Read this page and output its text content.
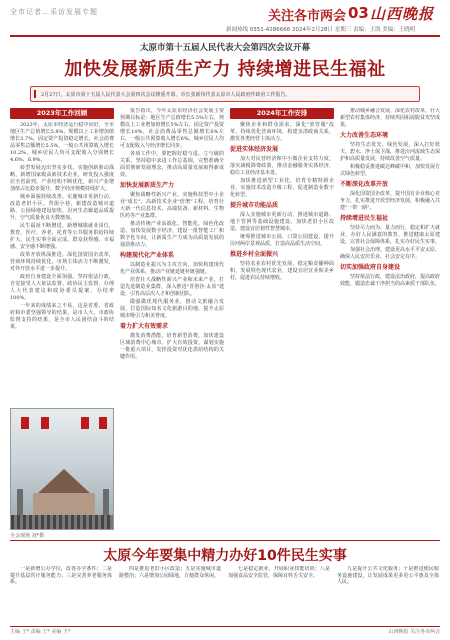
全市记者…采访发展专题	关注各市两会 03 山西晚报
新闻热线 0351-4286666 2024年2月28日 星期三 责编：王凯 美编：王晓明
太原市第十五届人民代表大会第四次会议开幕
加快发展新质生产力 持续增进民生福祉
2月27日，太原市第十五届人民代表大会第四次会议隆重开幕，市长张新伟代表太原市人民政府作政府工作报告。
2023年工作回顾

2023年，太原市经济运行稳中向好，全市地区生产总值增长5.8%，规模以上工业增加值增长3.7%，固定资产投资稳定增长，社会消费品零售总额增长5.5%，一般公共预算收入增长10.2%，城乡居民人均可支配收入分别增长4.6%、6.9%。

转型发展迈出坚实步伐。实施创新驱动战略，新增国家级高新技术企业，研发投入强度居全省前列。产业结构不断优化，新兴产业增加值占比稳步提升，数字经济规模持续扩大。

城乡面貌持续改善。实施城市更新行动，改造老旧小区、背街小巷，新建改造城市道路，公园绿地建设加快，汾河生态廊道品质提升，空气质量优良天数增加。

民生福祉不断增进。新增城镇就业岗位，教育、医疗、养老、托育等公共服务供给持续扩大，民生实事全面完成，群众获得感、幸福感、安全感不断增强。

改革开放纵深推进。深化国资国企改革，营商环境持续优化，市场主体活力不断激发，对外开放水平进一步提升。

政府自身建设全面加强。坚持依法行政，自觉接受人大依法监督、政协民主监督，办理人大代表建议和政协委员提案，办结率100%。

一年来的成绩来之不易，这是省委、省政府和市委坚强领导的结果，是市人大、市政协监督支持的结果，是全市人民团结奋斗的结果。

全会现场 刘*摄

报告指出，今年太原市经济社会发展主要预期目标是：地区生产总值增长5.5%左右，规模以上工业增加值增长5%左右，固定资产投资增长10%，社会消费品零售总额增长6%左右，一般公共预算收入增长6%，城乡居民人均可支配收入与经济增长同步。

各项工作中，要把握好稳与进、立与破的关系，坚持稳中求进工作总基调，完整准确全面贯彻新发展理念，推动高质量发展取得新成效。

加快发展新质生产力

聚焦战略性新兴产业，实施科技型中小企业"成长"、高新技术企业"倍增"工程，培育壮大新一代信息技术、高端装备、新材料、生物医药等产业集群。

推动传统产业高端化、智能化、绿色化改造，加快发展数字经济，建设一批智能工厂和数字化车间，让新质生产力成为高质量发展的强劲推动力。

构建现代化产业体系

以制造业振兴为主攻方向，加快构建现代化产业体系，推动产业链延链补链强链。

培育壮大战略性新兴产业和未来产业，打造先进制造业集群，深入推进"晋创谷·太原"建设，引育高层次人才和创新团队。

做强做优现代服务业，推动文旅融合发展，打造国际知名文化旅游目的地，提升太原城市吸引力和美誉度。

着力扩大有效需求

激发消费潜能，培育新型消费，加快建设区域消费中心城市。扩大有效投资，谋划实施一批重大项目，发挥投资对优化供给结构的关键作用。

2024年工作安排

聚焦企业和群众需求，深化"放管服"改革，持续优化营商环境，构建亲清政商关系，激发各类经营主体活力。

促进实体经济发展

加大对民营经济和中小微企业支持力度，落实减税降费政策，推动金融服务实体经济，稳住工业经济基本盘。

加快推进新型工业化，培育专精特新企业，实施技术改造升级工程，促进制造业数字化转型。

提升城市功能品质

深入实施城市更新行动，推进城市道路、地下管网等基础设施建设，加快老旧小区改造，建设宜居韧性智慧城市。

统筹推进城市公园、口袋公园建设，提升汾河两岸景观品质，打造高品质生活空间。

推进乡村全面振兴

坚持农业农村优先发展，稳定粮食播种面积，发展特色现代农业，建设宜居宜业和美乡村，促进农民持续增收。

推动城乡融合发展，深化农村改革，壮大新型农村集体经济，持续巩固拓展脱贫攻坚成果。

大力改善生态环境

坚持生态优先、绿色发展，深入打好蓝天、碧水、净土保卫战，推进汾河流域生态保护和高质量发展，持续改善空气质量。

积极稳妥推进碳达峰碳中和，加快发展方式绿色转型。

不断深化改革开放

深化国资国企改革，提升国有企业核心竞争力，扎实推进开放型经济发展，积极融入共建"一带一路"。

持续增进民生福祉

坚持尽力而为、量力而行，稳定和扩大就业，办好人民满意的教育，推进健康太原建设，完善社会保障体系，扎实办好民生实事。

加强社会治理，建设更高水平平安太原，确保人民安居乐业、社会安定有序。

切实加强政府自身建设

坚持依法行政，建设法治政府，提高政府效能，锻造忠诚干净担当的高素质干部队伍。

太原今年要集中精力办好10件民生实事
一是新增公办学位，改善办学条件；二是提升基层医疗服务能力；三是完善养老服务体系。
四是推进老旧小区改造；五是实施城市道路整治；六是增加公园绿地，方便群众休闲。
七是稳定就业，开展职业技能培训；八是加强食品安全监管，保障百姓舌尖安全。
九是提升公共文化服务；十是推进便民服务设施建设，让发展成果更多更公平惠及全体人民。
主编 王* 责编 王* 美编 王*	山西晚报 关注各市两会
